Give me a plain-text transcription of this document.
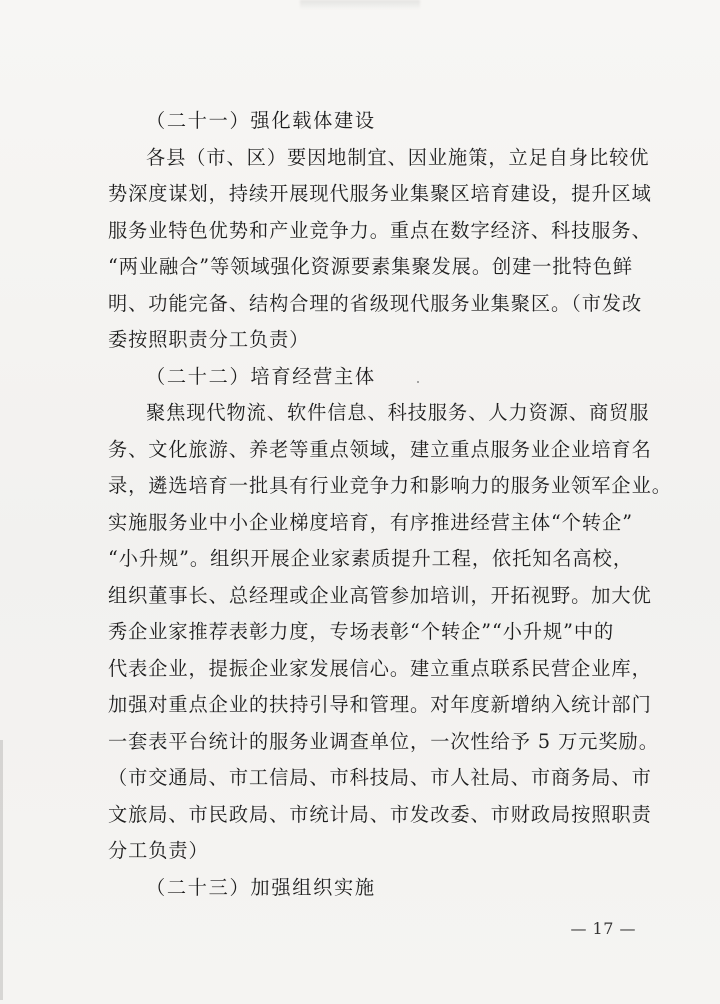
（二十一）强化载体建设

各县（市、区）要因地制宜、因业施策，立足自身比较优

势深度谋划，持续开展现代服务业集聚区培育建设，提升区域

服务业特色优势和产业竞争力。重点在数字经济、科技服务、

“两业融合”等领域强化资源要素集聚发展。创建一批特色鲜

明、功能完备、结构合理的省级现代服务业集聚区。（市发改

委按照职责分工负责）

（二十二）培育经营主体

聚焦现代物流、软件信息、科技服务、人力资源、商贸服

务、文化旅游、养老等重点领域，建立重点服务业企业培育名

录，遴选培育一批具有行业竞争力和影响力的服务业领军企业。

实施服务业中小企业梯度培育，有序推进经营主体“个转企”

“小升规”。组织开展企业家素质提升工程，依托知名高校，

组织董事长、总经理或企业高管参加培训，开拓视野。加大优

秀企业家推荐表彰力度，专场表彰“个转企”“小升规”中的

代表企业，提振企业家发展信心。建立重点联系民营企业库，

加强对重点企业的扶持引导和管理。对年度新增纳入统计部门

一套表平台统计的服务业调查单位，一次性给予 5 万元奖励。

（市交通局、市工信局、市科技局、市人社局、市商务局、市

文旅局、市民政局、市统计局、市发改委、市财政局按照职责

分工负责）

（二十三）加强组织实施

— 17 —
